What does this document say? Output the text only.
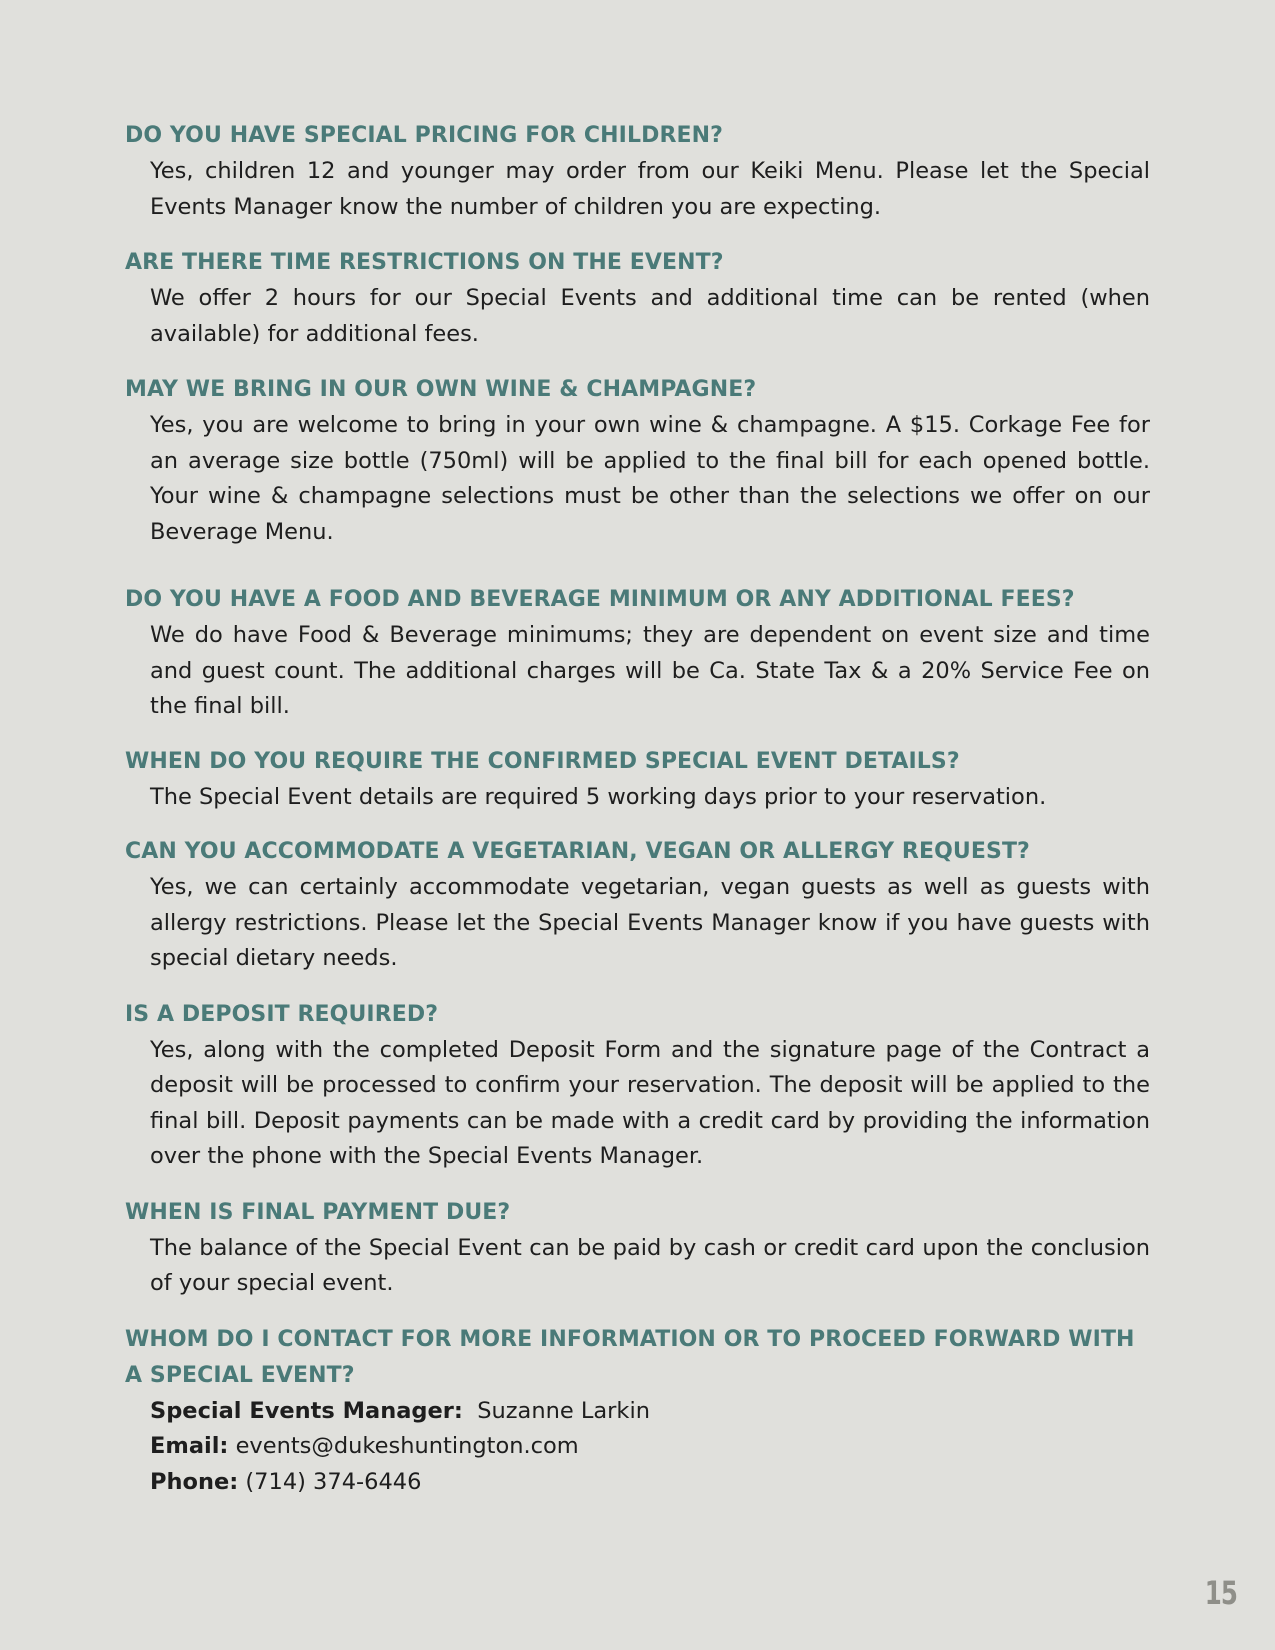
DO YOU HAVE SPECIAL PRICING FOR CHILDREN?

Yes, children 12 and younger may order from our Keiki Menu. Please let the Special Events Manager know the number of children you are expecting.

ARE THERE TIME RESTRICTIONS ON THE EVENT?

We offer 2 hours for our Special Events and additional time can be rented (when available) for additional fees.

MAY WE BRING IN OUR OWN WINE & CHAMPAGNE?

Yes, you are welcome to bring in your own wine & champagne. A $15. Corkage Fee for an average size bottle (750ml) will be applied to the final bill for each opened bottle. Your wine & champagne selections must be other than the selections we offer on our Beverage Menu.

DO YOU HAVE A FOOD AND BEVERAGE MINIMUM OR ANY ADDITIONAL FEES?

We do have Food & Beverage minimums; they are dependent on event size and time and guest count. The additional charges will be Ca. State Tax & a 20% Service Fee on the final bill.

WHEN DO YOU REQUIRE THE CONFIRMED SPECIAL EVENT DETAILS?

The Special Event details are required 5 working days prior to your reservation.

CAN YOU ACCOMMODATE A VEGETARIAN, VEGAN OR ALLERGY REQUEST?

Yes, we can certainly accommodate vegetarian, vegan guests as well as guests with allergy restrictions. Please let the Special Events Manager know if you have guests with special dietary needs.

IS A DEPOSIT REQUIRED?

Yes, along with the completed Deposit Form and the signature page of the Contract a deposit will be processed to confirm your reservation. The deposit will be applied to the final bill. Deposit payments can be made with a credit card by providing the information over the phone with the Special Events Manager.

WHEN IS FINAL PAYMENT DUE?

The balance of the Special Event can be paid by cash or credit card upon the conclusion of your special event.

WHOM DO I CONTACT FOR MORE INFORMATION OR TO PROCEED FORWARD WITH A SPECIAL EVENT?

Special Events Manager: Suzanne Larkin

Email: events@dukeshuntington.com

Phone: (714) 374-6446

15
